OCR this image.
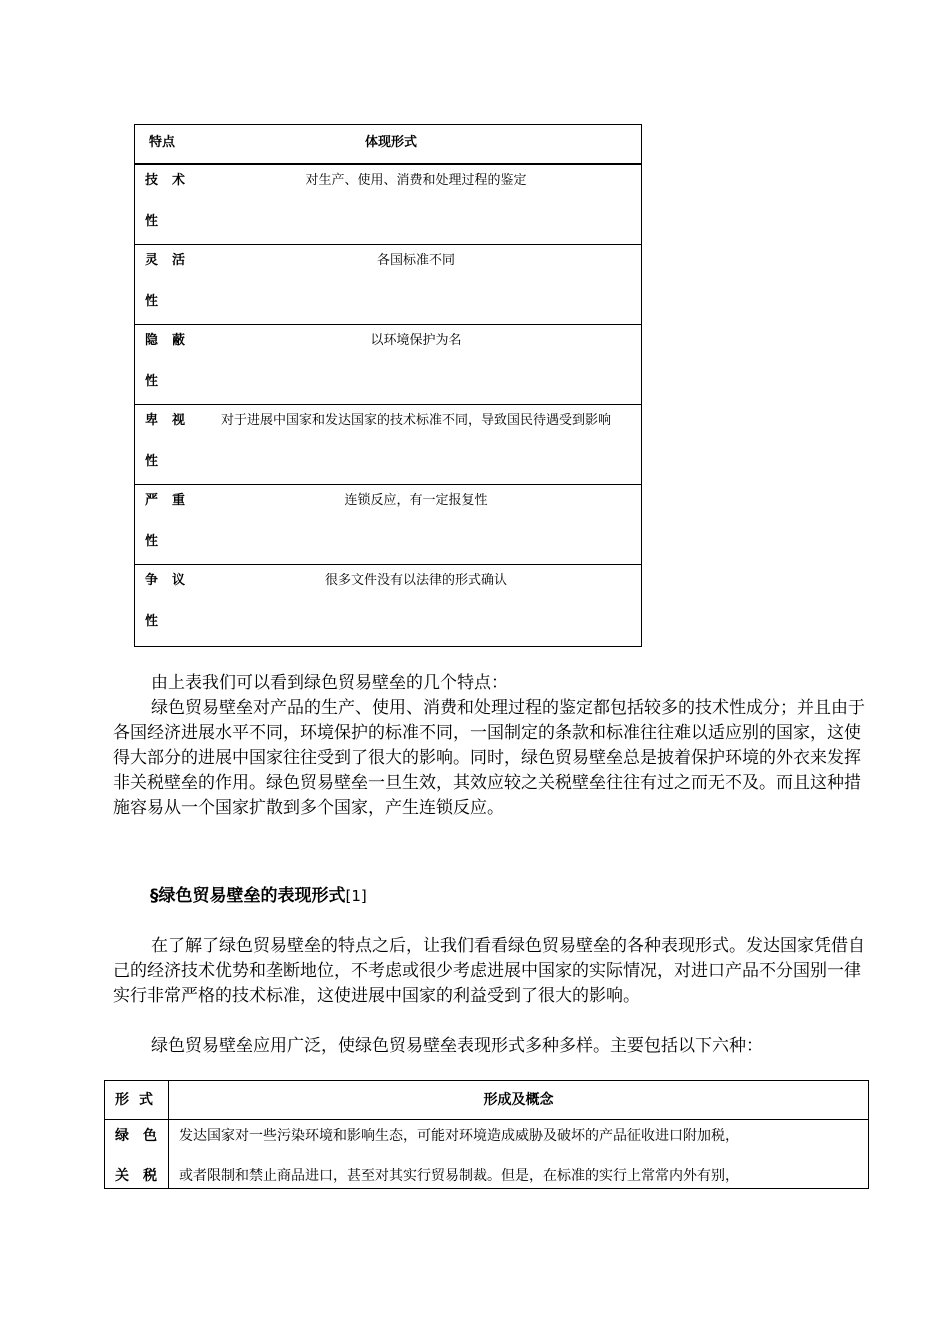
特点	体现形式
技术
性
对生产、使用、消费和处理过程的鉴定
灵活
性
各国标准不同
隐蔽
性
以环境保护为名
卑视
性
对于进展中国家和发达国家的技术标准不同，导致国民待遇受到影响
严重
性
连锁反应，有一定报复性
争议
性
很多文件没有以法律的形式确认

由上表我们可以看到绿色贸易壁垒的几个特点：

绿色贸易壁垒对产品的生产、使用、消费和处理过程的鉴定都包括较多的技术性成分；并且由于各国经济进展水平不同，环境保护的标准不同，一国制定的条款和标准往往难以适应别的国家，这使得大部分的进展中国家往往受到了很大的影响。同时，绿色贸易壁垒总是披着保护环境的外衣来发挥非关税壁垒的作用。绿色贸易壁垒一旦生效，其效应较之关税壁垒往往有过之而无不及。而且这种措施容易从一个国家扩散到多个国家，产生连锁反应。

§绿色贸易壁垒的表现形式[1]

在了解了绿色贸易壁垒的特点之后，让我们看看绿色贸易壁垒的各种表现形式。发达国家凭借自己的经济技术优势和垄断地位，不考虑或很少考虑进展中国家的实际情况，对进口产品不分国别一律实行非常严格的技术标准，这使进展中国家的利益受到了很大的影响。

绿色贸易壁垒应用广泛，使绿色贸易壁垒表现形式多种多样。主要包括以下六种：

形式	形成及概念
绿色
关税
发达国家对一些污染环境和影响生态，可能对环境造成威胁及破坏的产品征收进口附加税，
或者限制和禁止商品进口，甚至对其实行贸易制裁。但是，在标准的实行上常常内外有别，
